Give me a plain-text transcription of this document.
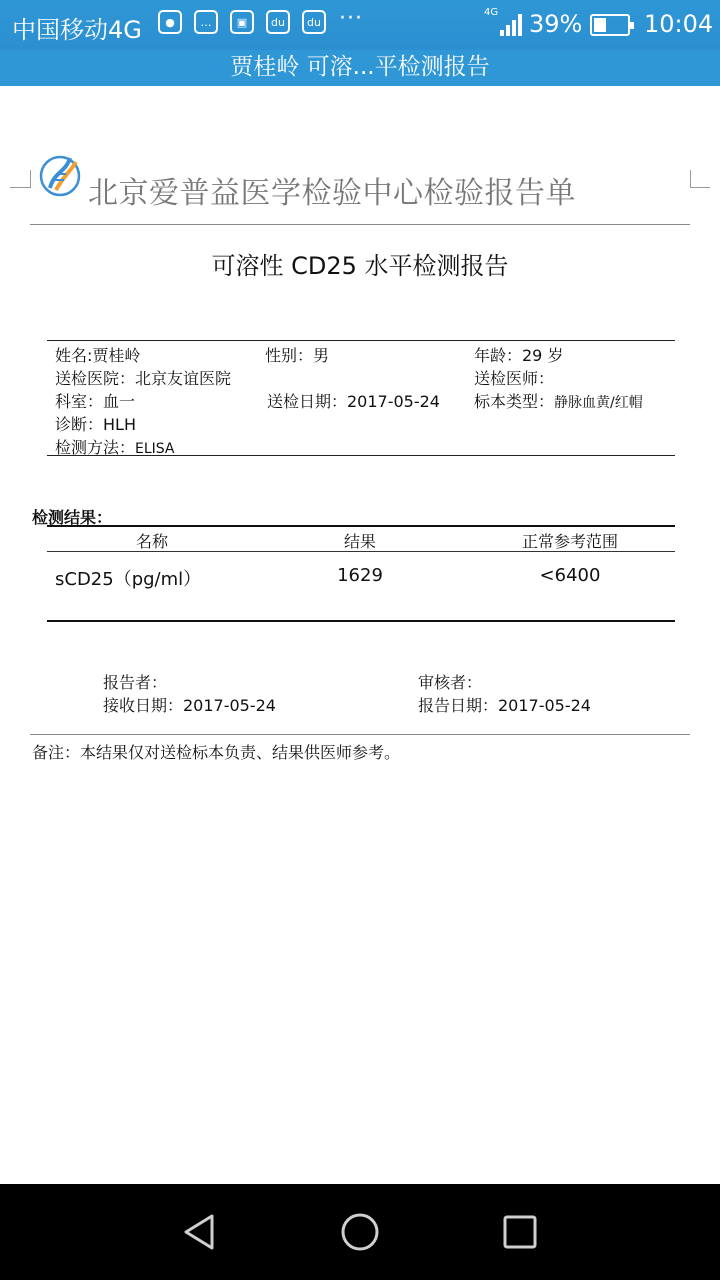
中国移动4G	●	…	▣	du	du ···	4G 39%	10:04
贾桂岭 可溶...平检测报告
北京爱普益医学检验中心检验报告单
可溶性 CD25 水平检测报告
姓名:贾桂岭	性别：男	年龄：29 岁
送检医院：北京友谊医院	送检医师：
科室：血一	送检日期：2017-05-24 标本类型：静脉血黄/红帽
诊断：HLH
检测方法：ELISA
检测结果：
名称	结果	正常参考范围
sCD25（pg/ml）	1629	<6400
报告者：	审核者：
接收日期：2017-05-24	报告日期：2017-05-24
备注：本结果仅对送检标本负责、结果供医师参考。
